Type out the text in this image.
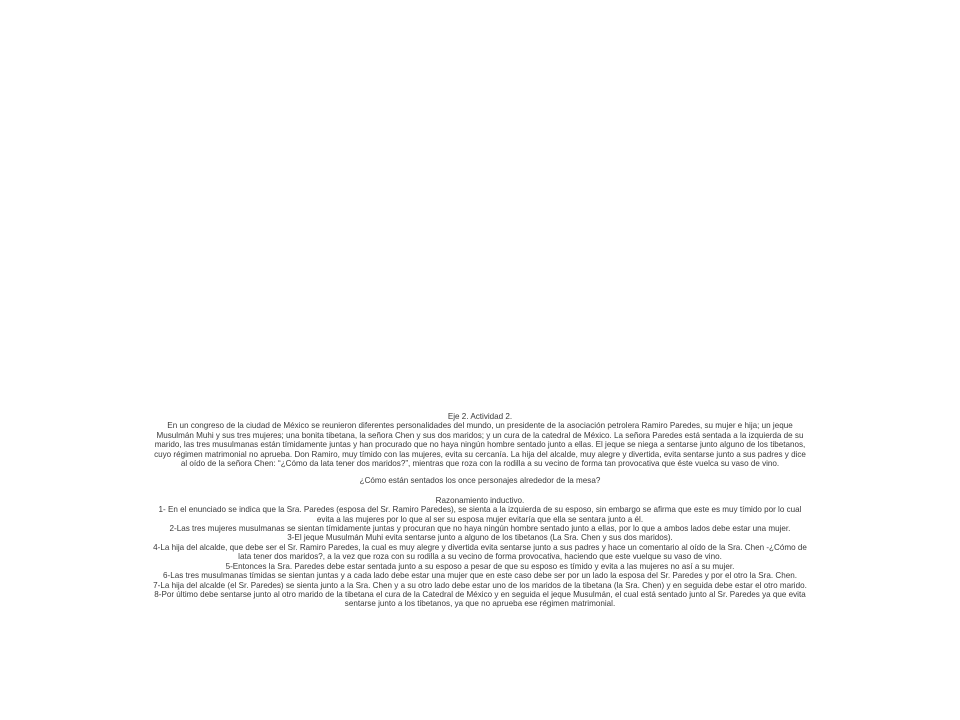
Eje 2. Actividad 2.

En un congreso de la ciudad de México se reunieron diferentes personalidades del mundo, un presidente de la asociación petrolera Ramiro Paredes, su mujer e hija; un jeque Musulmán Muhi y sus tres mujeres; una bonita tibetana, la señora Chen y sus dos maridos; y un cura de la catedral de México. La señora Paredes está sentada a la izquierda de su marido, las tres musulmanas están tímidamente juntas y han procurado que no haya ningún hombre sentado junto a ellas. El jeque se niega a sentarse junto alguno de los tibetanos, cuyo régimen matrimonial no aprueba. Don Ramiro, muy tímido con las mujeres, evita su cercanía. La hija del alcalde, muy alegre y divertida, evita sentarse junto a sus padres y dice al oído de la señora Chen: “¿Cómo da lata tener dos maridos?”, mientras que roza con la rodilla a su vecino de forma tan provocativa que éste vuelca su vaso de vino.

¿Cómo están sentados los once personajes alrededor de la mesa?

Razonamiento inductivo.

1- En el enunciado se indica que la Sra. Paredes (esposa del Sr. Ramiro Paredes), se sienta a la izquierda de su esposo, sin embargo se afirma que este es muy tímido por lo cual evita a las mujeres por lo que al ser su esposa mujer evitaría que ella se sentara junto a él.

2-Las tres mujeres musulmanas se sientan tímidamente juntas y procuran que no haya ningún hombre sentado junto a ellas, por lo que a ambos lados debe estar una mujer.

3-El jeque Musulmán Muhi evita sentarse junto a alguno de los tibetanos (La Sra. Chen y sus dos maridos).

4-La hija del alcalde, que debe ser el Sr. Ramiro Paredes, la cual es muy alegre y divertida evita sentarse junto a sus padres y hace un comentario al oído de la Sra. Chen -¿Cómo de lata tener dos maridos?, a la vez que roza con su rodilla a su vecino de forma provocativa, haciendo que este vuelque su vaso de vino.

5-Entonces la Sra. Paredes debe estar sentada junto a su esposo a pesar de que su esposo es tímido y evita a las mujeres no así a su mujer.

6-Las tres musulmanas tímidas se sientan juntas y a cada lado debe estar una mujer que en este caso debe ser por un lado la esposa del Sr. Paredes y por el otro la Sra. Chen.

7-La hija del alcalde (el Sr. Paredes) se sienta junto a la Sra. Chen y a su otro lado debe estar uno de los maridos de la tibetana (la Sra. Chen) y en seguida debe estar el otro marido.

8-Por último debe sentarse junto al otro marido de la tibetana el cura de la Catedral de México y en seguida el jeque Musulmán, el cual está sentado junto al Sr. Paredes ya que evita sentarse junto a los tibetanos, ya que no aprueba ese régimen matrimonial.
